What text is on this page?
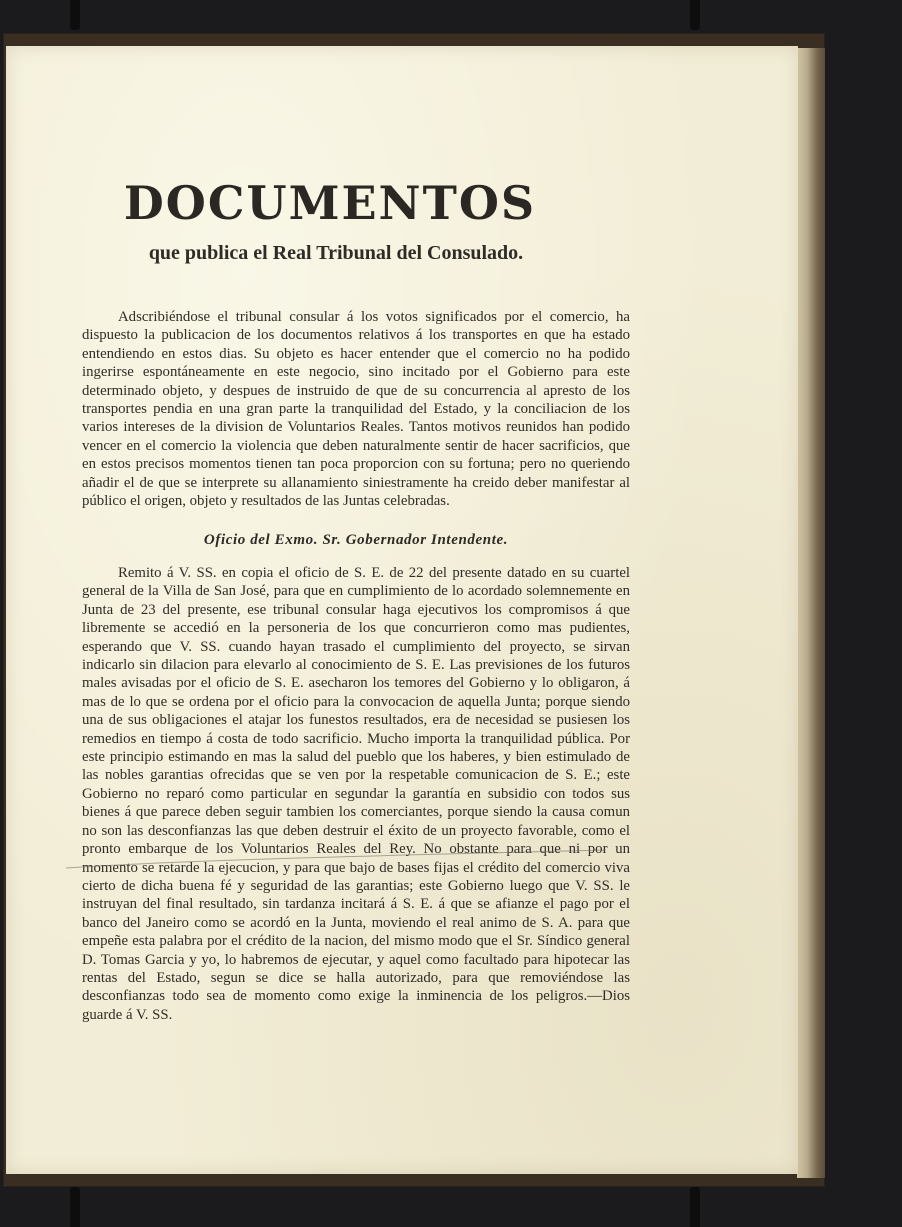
DOCUMENTOS
que publica el Real Tribunal del Consulado.

Adscribiéndose el tribunal consular á los votos significados por el comercio, ha dispuesto la publicacion de los documentos relativos á los transportes en que ha estado entendiendo en estos dias. Su objeto es hacer entender que el comercio no ha podido ingerirse espontáneamente en este negocio, sino incitado por el Gobierno para este determinado objeto, y despues de instruido de que de su concurrencia al apresto de los transportes pendia en una gran parte la tranquilidad del Estado, y la conciliacion de los varios intereses de la division de Voluntarios Reales. Tantos motivos reunidos han podido vencer en el comercio la violencia que deben naturalmente sentir de hacer sacrificios, que en estos precisos momentos tienen tan poca proporcion con su fortuna; pero no queriendo añadir el de que se interprete su allanamiento siniestramente ha creido deber manifestar al público el origen, objeto y resultados de las Juntas celebradas.

Oficio del Exmo. Sr. Gobernador Intendente.

Remito á V. SS. en copia el oficio de S. E. de 22 del presente datado en su cuartel general de la Villa de San José, para que en cumplimiento de lo acordado solemnemente en Junta de 23 del presente, ese tribunal consular haga ejecutivos los compromisos á que libremente se accedió en la personeria de los que concurrieron como mas pudientes, esperando que V. SS. cuando hayan trasado el cumplimiento del proyecto, se sirvan indicarlo sin dilacion para elevarlo al conocimiento de S. E. Las previsiones de los futuros males avisadas por el oficio de S. E. asecharon los temores del Gobierno y lo obligaron, á mas de lo que se ordena por el oficio para la convocacion de aquella Junta; porque siendo una de sus obligaciones el atajar los funestos resultados, era de necesidad se pusiesen los remedios en tiempo á costa de todo sacrificio. Mucho importa la tranquilidad pública. Por este principio estimando en mas la salud del pueblo que los haberes, y bien estimulado de las nobles garantias ofrecidas que se ven por la respetable comunicacion de S. E.; este Gobierno no reparó como particular en segundar la garantía en subsidio con todos sus bienes á que parece deben seguir tambien los comerciantes, porque siendo la causa comun no son las desconfianzas las que deben destruir el éxito de un proyecto favorable, como el pronto embarque de los Voluntarios Reales del Rey. No obstante para que ni por un momento se retarde la ejecucion, y para que bajo de bases fijas el crédito del comercio viva cierto de dicha buena fé y seguridad de las garantias; este Gobierno luego que V. SS. le instruyan del final resultado, sin tardanza incitará á S. E. á que se afianze el pago por el banco del Janeiro como se acordó en la Junta, moviendo el real animo de S. A. para que empeñe esta palabra por el crédito de la nacion, del mismo modo que el Sr. Síndico general D. Tomas Garcia y yo, lo habremos de ejecutar, y aquel como facultado para hipotecar las rentas del Estado, segun se dice se halla autorizado, para que removiéndose las desconfianzas todo sea de momento como exige la inminencia de los peligros.—Dios guarde á V. SS.
